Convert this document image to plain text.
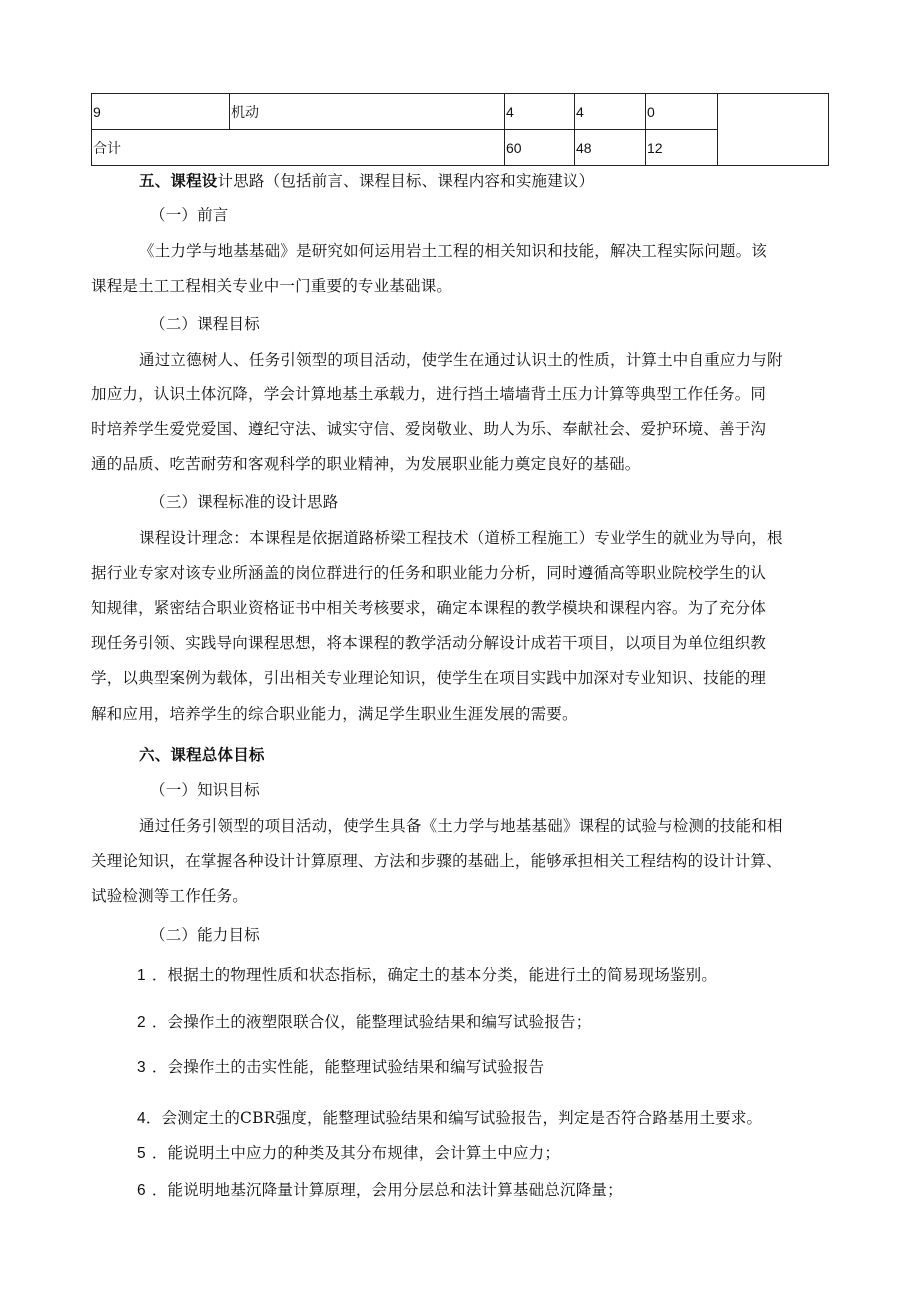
9	机动	4	4	0	
合计		60	48	12	
五、课程设计思路（包括前言、课程目标、课程内容和实施建议）
（一）前言
《土力学与地基基础》是研究如何运用岩土工程的相关知识和技能，解决工程实际问题。该
课程是土工工程相关专业中一门重要的专业基础课。
（二）课程目标
通过立德树人、任务引领型的项目活动，使学生在通过认识土的性质，计算土中自重应力与附
加应力，认识土体沉降，学会计算地基土承载力，进行挡土墙墙背土压力计算等典型工作任务。同
时培养学生爱党爱国、遵纪守法、诚实守信、爱岗敬业、助人为乐、奉献社会、爱护环境、善于沟
通的品质、吃苦耐劳和客观科学的职业精神，为发展职业能力奠定良好的基础。
（三）课程标准的设计思路
课程设计理念：本课程是依据道路桥梁工程技术（道桥工程施工）专业学生的就业为导向，根
据行业专家对该专业所涵盖的岗位群进行的任务和职业能力分析，同时遵循高等职业院校学生的认
知规律，紧密结合职业资格证书中相关考核要求，确定本课程的教学模块和课程内容。为了充分体
现任务引领、实践导向课程思想，将本课程的教学活动分解设计成若干项目，以项目为单位组织教
学，以典型案例为载体，引出相关专业理论知识，使学生在项目实践中加深对专业知识、技能的理
解和应用，培养学生的综合职业能力，满足学生职业生涯发展的需要。
六、课程总体目标
（一）知识目标
通过任务引领型的项目活动，使学生具备《土力学与地基基础》课程的试验与检测的技能和相
关理论知识，在掌握各种设计计算原理、方法和步骤的基础上，能够承担相关工程结构的设计计算、
试验检测等工作任务。
（二）能力目标
1 ．根据土的物理性质和状态指标，确定土的基本分类，能进行土的简易现场鉴别。
2 ．会操作土的液塑限联合仪，能整理试验结果和编写试验报告；
3 ．会操作土的击实性能，能整理试验结果和编写试验报告
4．会测定土的CBR强度，能整理试验结果和编写试验报告，判定是否符合路基用土要求。
5 ．能说明土中应力的种类及其分布规律，会计算土中应力；
6 ．能说明地基沉降量计算原理，会用分层总和法计算基础总沉降量；
